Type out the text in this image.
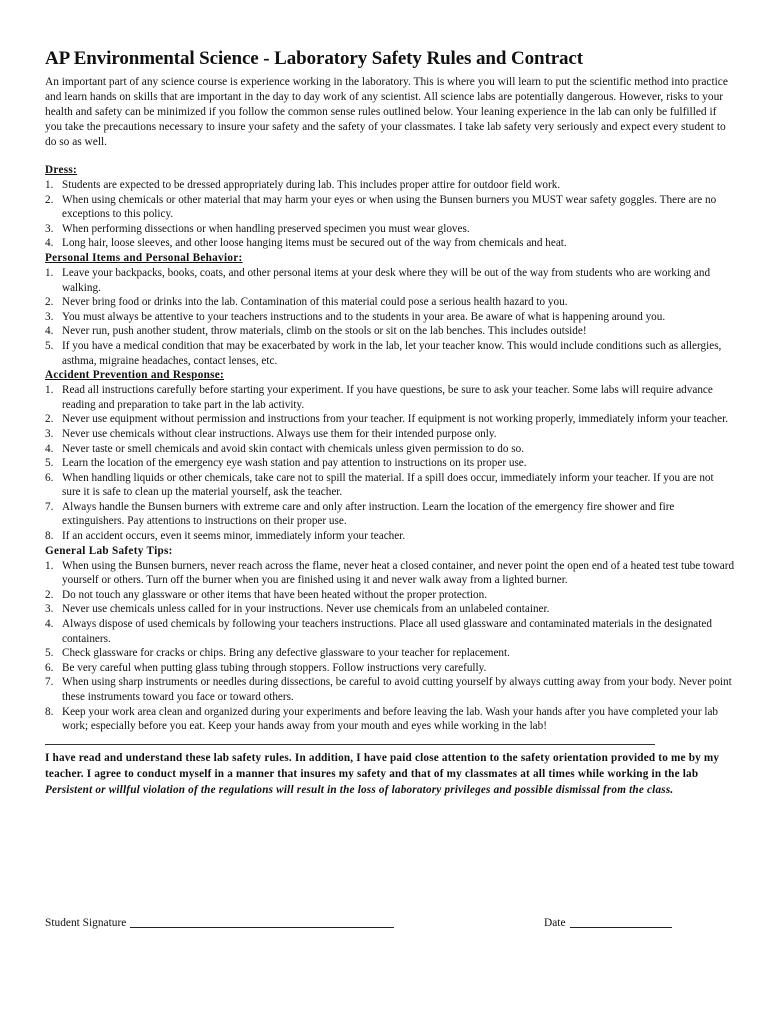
AP Environmental Science - Laboratory Safety Rules and Contract

An important part of any science course is experience working in the laboratory. This is where you will learn to put the scientific method into practice and learn hands on skills that are important in the day to day work of any scientist. All science labs are potentially dangerous. However, risks to your health and safety can be minimized if you follow the common sense rules outlined below. Your leaning experience in the lab can only be fulfilled if you take the precautions necessary to insure your safety and the safety of your classmates. I take lab safety very seriously and expect every student to do so as well.

Dress:

1. Students are expected to be dressed appropriately during lab. This includes proper attire for outdoor field work.
2. When using chemicals or other material that may harm your eyes or when using the Bunsen burners you MUST wear safety goggles. There are no exceptions to this policy.
3. When performing dissections or when handling preserved specimen you must wear gloves.
4. Long hair, loose sleeves, and other loose hanging items must be secured out of the way from chemicals and heat.

Personal Items and Personal Behavior:

1. Leave your backpacks, books, coats, and other personal items at your desk where they will be out of the way from students who are working and walking.
2. Never bring food or drinks into the lab. Contamination of this material could pose a serious health hazard to you.
3. You must always be attentive to your teachers instructions and to the students in your area. Be aware of what is happening around you.
4. Never run, push another student, throw materials, climb on the stools or sit on the lab benches. This includes outside!
5. If you have a medical condition that may be exacerbated by work in the lab, let your teacher know. This would include conditions such as allergies, asthma, migraine headaches, contact lenses, etc.

Accident Prevention and Response:

1. Read all instructions carefully before starting your experiment. If you have questions, be sure to ask your teacher. Some labs will require advance reading and preparation to take part in the lab activity.
2. Never use equipment without permission and instructions from your teacher. If equipment is not working properly, immediately inform your teacher.
3. Never use chemicals without clear instructions. Always use them for their intended purpose only.
4. Never taste or smell chemicals and avoid skin contact with chemicals unless given permission to do so.
5. Learn the location of the emergency eye wash station and pay attention to instructions on its proper use.
6. When handling liquids or other chemicals, take care not to spill the material. If a spill does occur, immediately inform your teacher. If you are not sure it is safe to clean up the material yourself, ask the teacher.
7. Always handle the Bunsen burners with extreme care and only after instruction. Learn the location of the emergency fire shower and fire extinguishers. Pay attentions to instructions on their proper use.
8. If an accident occurs, even it seems minor, immediately inform your teacher.

General Lab Safety Tips:

1. When using the Bunsen burners, never reach across the flame, never heat a closed container, and never point the open end of a heated test tube toward yourself or others. Turn off the burner when you are finished using it and never walk away from a lighted burner.
2. Do not touch any glassware or other items that have been heated without the proper protection.
3. Never use chemicals unless called for in your instructions. Never use chemicals from an unlabeled container.
4. Always dispose of used chemicals by following your teachers instructions. Place all used glassware and contaminated materials in the designated containers.
5. Check glassware for cracks or chips. Bring any defective glassware to your teacher for replacement.
6. Be very careful when putting glass tubing through stoppers. Follow instructions very carefully.
7. When using sharp instruments or needles during dissections, be careful to avoid cutting yourself by always cutting away from your body. Never point these instruments toward you face or toward others.
8. Keep your work area clean and organized during your experiments and before leaving the lab. Wash your hands after you have completed your lab work; especially before you eat. Keep your hands away from your mouth and eyes while working in the lab!

I have read and understand these lab safety rules. In addition, I have paid close attention to the safety orientation provided to me by my teacher. I agree to conduct myself in a manner that insures my safety and that of my classmates at all times while working in the lab Persistent or willful violation of the regulations will result in the loss of laboratory privileges and possible dismissal from the class.

Student Signature	Date
